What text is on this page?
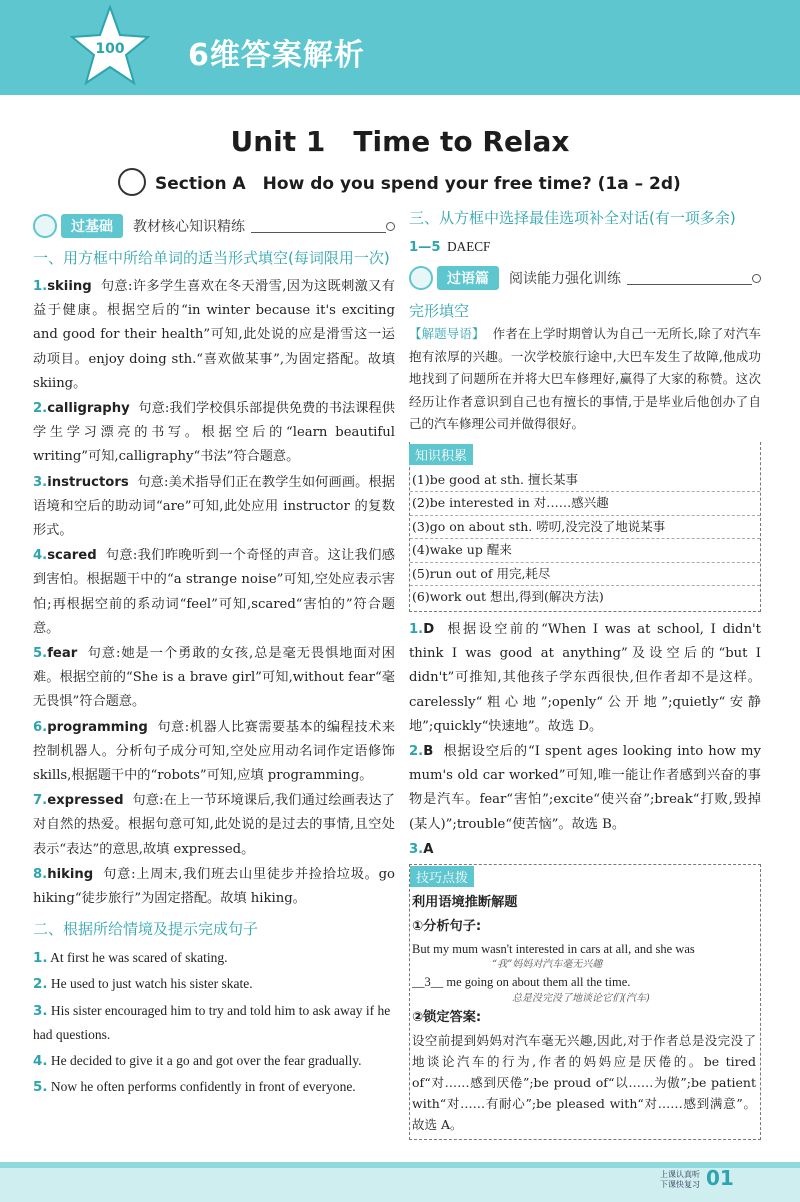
100 6维答案解析
Unit 1　Time to Relax
Section A　How do you spend your free time? (1a – 2d)
过基础	教材核心知识精练
一、用方框中所给单词的适当形式填空(每词限用一次)

1.skiing 句意:许多学生喜欢在冬天滑雪,因为这既刺激又有益于健康。根据空后的“in winter because it's exciting and good for their health”可知,此处说的应是滑雪这一运动项目。enjoy doing sth.“喜欢做某事”,为固定搭配。故填 skiing。

2.calligraphy 句意:我们学校俱乐部提供免费的书法课程供学生学习漂亮的书写。根据空后的“learn beautiful writing”可知,calligraphy“书法”符合题意。

3.instructors 句意:美术指导们正在教学生如何画画。根据语境和空后的助动词“are”可知,此处应用 instructor 的复数形式。

4.scared 句意:我们昨晚听到一个奇怪的声音。这让我们感到害怕。根据题干中的“a strange noise”可知,空处应表示害怕;再根据空前的系动词“feel”可知,scared“害怕的”符合题意。

5.fear 句意:她是一个勇敢的女孩,总是毫无畏惧地面对困难。根据空前的“She is a brave girl”可知,without fear“毫无畏惧”符合题意。

6.programming 句意:机器人比赛需要基本的编程技术来控制机器人。分析句子成分可知,空处应用动名词作定语修饰 skills,根据题干中的“robots”可知,应填 programming。

7.expressed 句意:在上一节环境课后,我们通过绘画表达了对自然的热爱。根据句意可知,此处说的是过去的事情,且空处表示“表达”的意思,故填 expressed。

8.hiking 句意:上周末,我们班去山里徒步并捡拾垃圾。go hiking“徒步旅行”为固定搭配。故填 hiking。

二、根据所给情境及提示完成句子

1. At first he was scared of skating.

2. He used to just watch his sister skate.

3. His sister encouraged him to try and told him to ask away if he had questions.

4. He decided to give it a go and got over the fear gradually.

5. Now he often performs confidently in front of everyone.

三、从方框中选择最佳选项补全对话(有一项多余)

1—5 DAECF

过语篇	阅读能力强化训练
完形填空

【解题导语】 作者在上学时期曾认为自己一无所长,除了对汽车抱有浓厚的兴趣。一次学校旅行途中,大巴车发生了故障,他成功地找到了问题所在并将大巴车修理好,赢得了大家的称赞。这次经历让作者意识到自己也有擅长的事情,于是毕业后他创办了自己的汽车修理公司并做得很好。

知识积累
(1)be good at sth. 擅长某事
(2)be interested in 对……感兴趣
(3)go on about sth. 唠叨,没完没了地说某事
(4)wake up 醒来
(5)run out of 用完,耗尽
(6)work out 想出,得到(解决方法)

1.D 根据设空前的“When I was at school, I didn't think I was good at anything”及设空后的“but I didn't”可推知,其他孩子学东西很快,但作者却不是这样。carelessly“粗心地”;openly“公开地”;quietly“安静地”;quickly“快速地”。故选 D。

2.B 根据设空后的“I spent ages looking into how my mum's old car worked”可知,唯一能让作者感到兴奋的事物是汽车。fear“害怕”;excite“使兴奋”;break“打败,毁掉(某人)”;trouble“使苦恼”。故选 B。

3.A

技巧点拨
利用语境推断解题
①分析句子:
But my mum wasn't interested in cars at all, and she was
“我”妈妈对汽车毫无兴趣
__3__ me going on about them all the time.
总是没完没了地谈论它们(汽车)
②锁定答案:
设空前提到妈妈对汽车毫无兴趣,因此,对于作者总是没完没了地谈论汽车的行为,作者的妈妈应是厌倦的。be tired of“对……感到厌倦”;be proud of“以……为傲”;be patient with“对……有耐心”;be pleased with“对……感到满意”。故选 A。
上课认真听
下课快复习 01
